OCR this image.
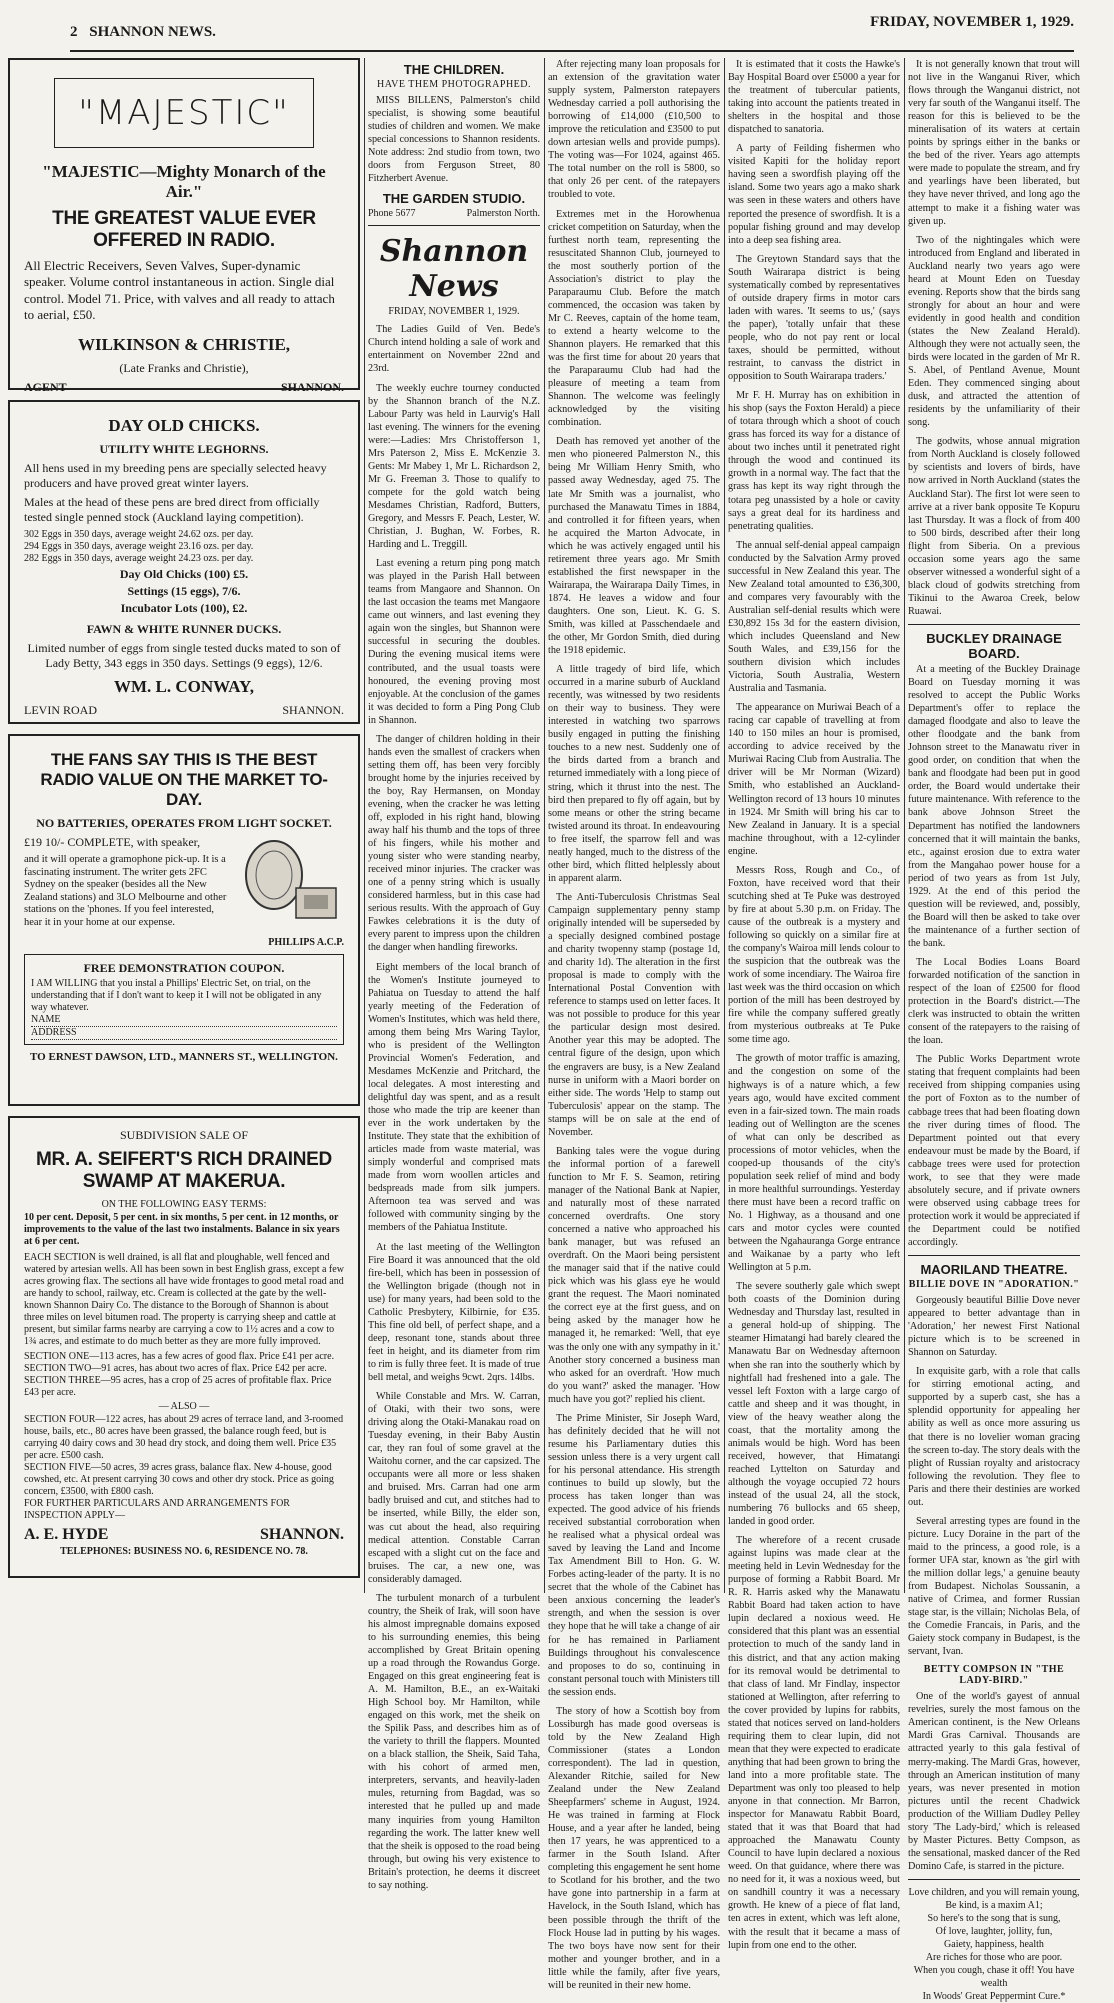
2 SHANNON NEWS.
FRIDAY, NOVEMBER 1, 1929.
"MAJESTIC"
"MAJESTIC—Mighty Monarch of the Air."
THE GREATEST VALUE EVER OFFERED IN RADIO.

All Electric Receivers, Seven Valves, Super-dynamic speaker. Volume control instantaneous in action. Single dial control. Model 71. Price, with valves and all ready to attach to aerial, £50.

WILKINSON & CHRISTIE,

(Late Franks and Christie),

AGENT	SHANNON.
DAY OLD CHICKS.
UTILITY WHITE LEGHORNS.

All hens used in my breeding pens are specially selected heavy producers and have proved great winter layers.

Males at the head of these pens are bred direct from officially tested single penned stock (Auckland laying competition).

302 Eggs in 350 days, average weight 24.62 ozs. per day.

294 Eggs in 350 days, average weight 23.16 ozs. per day.

282 Eggs in 350 days, average weight 24.23 ozs. per day.

Day Old Chicks (100) £5.
Settings (15 eggs), 7/6.
Incubator Lots (100), £2.
FAWN & WHITE RUNNER DUCKS.

Limited number of eggs from single tested ducks mated to son of Lady Betty, 343 eggs in 350 days. Settings (9 eggs), 12/6.

WM. L. CONWAY,
LEVIN ROAD	SHANNON.
THE FANS SAY THIS IS THE BEST RADIO VALUE ON THE MARKET TO-DAY.
NO BATTERIES, OPERATES FROM LIGHT SOCKET.

£19 10/- COMPLETE, with speaker,

and it will operate a gramophone pick-up. It is a fascinating instrument. The writer gets 2FC Sydney on the speaker (besides all the New Zealand stations) and 3LO Melbourne and other stations on the 'phones. If you feel interested, hear it in your home at our expense.

PHILLIPS A.C.P.
FREE DEMONSTRATION COUPON.

I AM WILLING that you instal a Phillips' Electric Set, on trial, on the understanding that if I don't want to keep it I will not be obligated in any way whatever.

NAME
ADDRESS
TO ERNEST DAWSON, LTD., MANNERS ST., WELLINGTON.
SUBDIVISION SALE OF
MR. A. SEIFERT'S RICH DRAINED SWAMP AT MAKERUA.
ON THE FOLLOWING EASY TERMS:

10 per cent. Deposit, 5 per cent. in six months, 5 per cent. in 12 months, or improvements to the value of the last two instalments. Balance in six years at 6 per cent.

EACH SECTION is well drained, is all flat and ploughable, well fenced and watered by artesian wells. All has been sown in best English grass, except a few acres growing flax. The sections all have wide frontages to good metal road and are handy to school, railway, etc. Cream is collected at the gate by the well-known Shannon Dairy Co. The distance to the Borough of Shannon is about three miles on level bitumen road. The property is carrying sheep and cattle at present, but similar farms nearby are carrying a cow to 1½ acres and a cow to 1¾ acres, and estimate to do much better as they are more fully improved.

SECTION ONE—113 acres, has a few acres of good flax. Price £41 per acre.

SECTION TWO—91 acres, has about two acres of flax. Price £42 per acre.

SECTION THREE—95 acres, has a crop of 25 acres of profitable flax. Price £43 per acre.

— ALSO —

SECTION FOUR—122 acres, has about 29 acres of terrace land, and 3-roomed house, bails, etc., 80 acres have been grassed, the balance rough feed, but is carrying 40 dairy cows and 30 head dry stock, and doing them well. Price £35 per acre. £500 cash.

SECTION FIVE—50 acres, 39 acres grass, balance flax. New 4-house, good cowshed, etc. At present carrying 30 cows and other dry stock. Price as going concern, £3500, with £800 cash.

FOR FURTHER PARTICULARS AND ARRANGEMENTS FOR INSPECTION APPLY—

A. E. HYDE	SHANNON.
TELEPHONES: BUSINESS NO. 6, RESIDENCE NO. 78.
THE CHILDREN.
HAVE THEM PHOTOGRAPHED.

MISS BILLENS, Palmerston's child specialist, is showing some beautiful studies of children and women. We make special concessions to Shannon residents. Note address: 2nd studio from town, two doors from Ferguson Street, 80 Fitzherbert Avenue.

THE GARDEN STUDIO.
Phone 5677	Palmerston North.
Shannon News
FRIDAY, NOVEMBER 1, 1929.

The Ladies Guild of Ven. Bede's Church intend holding a sale of work and entertainment on November 22nd and 23rd.

The weekly euchre tourney conducted by the Shannon branch of the N.Z. Labour Party was held in Laurvig's Hall last evening. The winners for the evening were:—Ladies: Mrs Christofferson 1, Mrs Paterson 2, Miss E. McKenzie 3. Gents: Mr Mabey 1, Mr L. Richardson 2, Mr G. Freeman 3. Those to qualify to compete for the gold watch being Mesdames Christian, Radford, Butters, Gregory, and Messrs F. Peach, Lester, W. Christian, J. Bughan, W. Forbes, R. Harding and L. Treggill.

Last evening a return ping pong match was played in the Parish Hall between teams from Mangaore and Shannon. On the last occasion the teams met Mangaore came out winners, and last evening they again won the singles, but Shannon were successful in securing the doubles. During the evening musical items were contributed, and the usual toasts were honoured, the evening proving most enjoyable. At the conclusion of the games it was decided to form a Ping Pong Club in Shannon.

The danger of children holding in their hands even the smallest of crackers when setting them off, has been very forcibly brought home by the injuries received by the boy, Ray Hermansen, on Monday evening, when the cracker he was letting off, exploded in his right hand, blowing away half his thumb and the tops of three of his fingers, while his mother and young sister who were standing nearby, received minor injuries. The cracker was one of a penny string which is usually considered harmless, but in this case had serious results. With the approach of Guy Fawkes celebrations it is the duty of every parent to impress upon the children the danger when handling fireworks.

Eight members of the local branch of the Women's Institute journeyed to Pahiatua on Tuesday to attend the half yearly meeting of the Federation of Women's Institutes, which was held there, among them being Mrs Waring Taylor, who is president of the Wellington Provincial Women's Federation, and Mesdames McKenzie and Pritchard, the local delegates. A most interesting and delightful day was spent, and as a result those who made the trip are keener than ever in the work undertaken by the Institute. They state that the exhibition of articles made from waste material, was simply wonderful and comprised mats made from worn woollen articles and bedspreads made from silk jumpers. Afternoon tea was served and was followed with community singing by the members of the Pahiatua Institute.

At the last meeting of the Wellington Fire Board it was announced that the old fire-bell, which has been in possession of the Wellington brigade (though not in use) for many years, had been sold to the Catholic Presbytery, Kilbirnie, for £35. This fine old bell, of perfect shape, and a deep, resonant tone, stands about three feet in height, and its diameter from rim to rim is fully three feet. It is made of true bell metal, and weighs 9cwt. 2qrs. 14lbs.

While Constable and Mrs. W. Carran, of Otaki, with their two sons, were driving along the Otaki-Manakau road on Tuesday evening, in their Baby Austin car, they ran foul of some gravel at the Waitohu corner, and the car capsized. The occupants were all more or less shaken and bruised. Mrs. Carran had one arm badly bruised and cut, and stitches had to be inserted, while Billy, the elder son, was cut about the head, also requiring medical attention. Constable Carran escaped with a slight cut on the face and bruises. The car, a new one, was considerably damaged.

The turbulent monarch of a turbulent country, the Sheik of Irak, will soon have his almost impregnable domains exposed to his surrounding enemies, this being accomplished by Great Britain opening up a road through the Rowandus Gorge. Engaged on this great engineering feat is A. M. Hamilton, B.E., an ex-Waitaki High School boy. Mr Hamilton, while engaged on this work, met the sheik on the Spilik Pass, and describes him as of the variety to thrill the flappers. Mounted on a black stallion, the Sheik, Said Taha, with his cohort of armed men, interpreters, servants, and heavily-laden mules, returning from Bagdad, was so interested that he pulled up and made many inquiries from young Hamilton regarding the work. The latter knew well that the sheik is opposed to the road being through, but owing his very existence to Britain's protection, he deems it discreet to say nothing.

After rejecting many loan proposals for an extension of the gravitation water supply system, Palmerston ratepayers Wednesday carried a poll authorising the borrowing of £14,000 (£10,500 to improve the reticulation and £3500 to put down artesian wells and provide pumps). The voting was—For 1024, against 465. The total number on the roll is 5800, so that only 26 per cent. of the ratepayers troubled to vote.

Extremes met in the Horowhenua cricket competition on Saturday, when the furthest north team, representing the resuscitated Shannon Club, journeyed to the most southerly portion of the Association's district to play the Paraparaumu Club. Before the match commenced, the occasion was taken by Mr C. Reeves, captain of the home team, to extend a hearty welcome to the Shannon players. He remarked that this was the first time for about 20 years that the Paraparaumu Club had had the pleasure of meeting a team from Shannon. The welcome was feelingly acknowledged by the visiting combination.

Death has removed yet another of the men who pioneered Palmerston N., this being Mr William Henry Smith, who passed away Wednesday, aged 75. The late Mr Smith was a journalist, who purchased the Manawatu Times in 1884, and controlled it for fifteen years, when he acquired the Marton Advocate, in which he was actively engaged until his retirement three years ago. Mr Smith established the first newspaper in the Wairarapa, the Wairarapa Daily Times, in 1874. He leaves a widow and four daughters. One son, Lieut. K. G. S. Smith, was killed at Passchendaele and the other, Mr Gordon Smith, died during the 1918 epidemic.

A little tragedy of bird life, which occurred in a marine suburb of Auckland recently, was witnessed by two residents on their way to business. They were interested in watching two sparrows busily engaged in putting the finishing touches to a new nest. Suddenly one of the birds darted from a branch and returned immediately with a long piece of string, which it thrust into the nest. The bird then prepared to fly off again, but by some means or other the string became twisted around its throat. In endeavouring to free itself, the sparrow fell and was neatly hanged, much to the distress of the other bird, which flitted helplessly about in apparent alarm.

The Anti-Tuberculosis Christmas Seal Campaign supplementary penny stamp originally intended will be superseded by a specially designed combined postage and charity twopenny stamp (postage 1d, and charity 1d). The alteration in the first proposal is made to comply with the International Postal Convention with reference to stamps used on letter faces. It was not possible to produce for this year the particular design most desired. Another year this may be adopted. The central figure of the design, upon which the engravers are busy, is a New Zealand nurse in uniform with a Maori border on either side. The words 'Help to stamp out Tuberculosis' appear on the stamp. The stamps will be on sale at the end of November.

Banking tales were the vogue during the informal portion of a farewell function to Mr F. S. Seamon, retiring manager of the National Bank at Napier, and naturally most of these narrated concerned overdrafts. One story concerned a native who approached his bank manager, but was refused an overdraft. On the Maori being persistent the manager said that if the native could pick which was his glass eye he would grant the request. The Maori nominated the correct eye at the first guess, and on being asked by the manager how he managed it, he remarked: 'Well, that eye was the only one with any sympathy in it.' Another story concerned a business man who asked for an overdraft. 'How much do you want?' asked the manager. 'How much have you got?' replied his client.

The Prime Minister, Sir Joseph Ward, has definitely decided that he will not resume his Parliamentary duties this session unless there is a very urgent call for his personal attendance. His strength continues to build up slowly, but the process has taken longer than was expected. The good advice of his friends received substantial corroboration when he realised what a physical ordeal was saved by leaving the Land and Income Tax Amendment Bill to Hon. G. W. Forbes acting-leader of the party. It is no secret that the whole of the Cabinet has been anxious concerning the leader's strength, and when the session is over they hope that he will take a change of air for he has remained in Parliament Buildings throughout his convalescence and proposes to do so, continuing in constant personal touch with Ministers till the session ends.

The story of how a Scottish boy from Lossiburgh has made good overseas is told by the New Zealand High Commissioner (states a London correspondent). The lad in question, Alexander Ritchie, sailed for New Zealand under the New Zealand Sheepfarmers' scheme in August, 1924. He was trained in farming at Flock House, and a year after he landed, being then 17 years, he was apprenticed to a farmer in the South Island. After completing this engagement he sent home to Scotland for his brother, and the two have gone into partnership in a farm at Havelock, in the South Island, which has been possible through the thrift of the Flock House lad in putting by his wages. The two boys have now sent for their mother and younger brother, and in a little while the family, after five years, will be reunited in their new home.

It is estimated that it costs the Hawke's Bay Hospital Board over £5000 a year for the treatment of tubercular patients, taking into account the patients treated in shelters in the hospital and those dispatched to sanatoria.

A party of Feilding fishermen who visited Kapiti for the holiday report having seen a swordfish playing off the island. Some two years ago a mako shark was seen in these waters and others have reported the presence of swordfish. It is a popular fishing ground and may develop into a deep sea fishing area.

The Greytown Standard says that the South Wairarapa district is being systematically combed by representatives of outside drapery firms in motor cars laden with wares. 'It seems to us,' (says the paper), 'totally unfair that these people, who do not pay rent or local taxes, should be permitted, without restraint, to canvass the district in opposition to South Wairarapa traders.'

Mr F. H. Murray has on exhibition in his shop (says the Foxton Herald) a piece of totara through which a shoot of couch grass has forced its way for a distance of about two inches until it penetrated right through the wood and continued its growth in a normal way. The fact that the grass has kept its way right through the totara peg unassisted by a hole or cavity says a great deal for its hardiness and penetrating qualities.

The annual self-denial appeal campaign conducted by the Salvation Army proved successful in New Zealand this year. The New Zealand total amounted to £36,300, and compares very favourably with the Australian self-denial results which were £30,892 15s 3d for the eastern division, which includes Queensland and New South Wales, and £39,156 for the southern division which includes Victoria, South Australia, Western Australia and Tasmania.

The appearance on Muriwai Beach of a racing car capable of travelling at from 140 to 150 miles an hour is promised, according to advice received by the Muriwai Racing Club from Australia. The driver will be Mr Norman (Wizard) Smith, who established an Auckland-Wellington record of 13 hours 10 minutes in 1924. Mr Smith will bring his car to New Zealand in January. It is a special machine throughout, with a 12-cylinder engine.

Messrs Ross, Rough and Co., of Foxton, have received word that their scutching shed at Te Puke was destroyed by fire at about 5.30 p.m. on Friday. The cause of the outbreak is a mystery and following so quickly on a similar fire at the company's Wairoa mill lends colour to the suspicion that the outbreak was the work of some incendiary. The Wairoa fire last week was the third occasion on which portion of the mill has been destroyed by fire while the company suffered greatly from mysterious outbreaks at Te Puke some time ago.

The growth of motor traffic is amazing, and the congestion on some of the highways is of a nature which, a few years ago, would have excited comment even in a fair-sized town. The main roads leading out of Wellington are the scenes of what can only be described as processions of motor vehicles, when the cooped-up thousands of the city's population seek relief of mind and body in more healthful surroundings. Yesterday there must have been a record traffic on No. 1 Highway, as a thousand and one cars and motor cycles were counted between the Ngahauranga Gorge entrance and Waikanae by a party who left Wellington at 5 p.m.

The severe southerly gale which swept both coasts of the Dominion during Wednesday and Thursday last, resulted in a general hold-up of shipping. The steamer Himatangi had barely cleared the Manawatu Bar on Wednesday afternoon when she ran into the southerly which by nightfall had freshened into a gale. The vessel left Foxton with a large cargo of cattle and sheep and it was thought, in view of the heavy weather along the coast, that the mortality among the animals would be high. Word has been received, however, that Himatangi reached Lyttelton on Saturday and although the voyage occupied 72 hours instead of the usual 24, all the stock, numbering 76 bullocks and 65 sheep, landed in good order.

The wherefore of a recent crusade against lupins was made clear at the meeting held in Levin Wednesday for the purpose of forming a Rabbit Board. Mr R. R. Harris asked why the Manawatu Rabbit Board had taken action to have lupin declared a noxious weed. He considered that this plant was an essential protection to much of the sandy land in this district, and that any action making for its removal would be detrimental to that class of land. Mr Findlay, inspector stationed at Wellington, after referring to the cover provided by lupins for rabbits, stated that notices served on land-holders requiring them to clear lupin, did not mean that they were expected to eradicate anything that had been grown to bring the land into a more profitable state. The Department was only too pleased to help anyone in that connection. Mr Barron, inspector for Manawatu Rabbit Board, stated that it was that Board that had approached the Manawatu County Council to have lupin declared a noxious weed. On that guidance, where there was no need for it, it was a noxious weed, but on sandhill country it was a necessary growth. He knew of a piece of flat land, ten acres in extent, which was left alone, with the result that it became a mass of lupin from one end to the other.

It is not generally known that trout will not live in the Wanganui River, which flows through the Wanganui district, not very far south of the Wanganui itself. The reason for this is believed to be the mineralisation of its waters at certain points by springs either in the banks or the bed of the river. Years ago attempts were made to populate the stream, and fry and yearlings have been liberated, but they have never thrived, and long ago the attempt to make it a fishing water was given up.

Two of the nightingales which were introduced from England and liberated in Auckland nearly two years ago were heard at Mount Eden on Tuesday evening. Reports show that the birds sang strongly for about an hour and were evidently in good health and condition (states the New Zealand Herald). Although they were not actually seen, the birds were located in the garden of Mr R. S. Abel, of Pentland Avenue, Mount Eden. They commenced singing about dusk, and attracted the attention of residents by the unfamiliarity of their song.

The godwits, whose annual migration from North Auckland is closely followed by scientists and lovers of birds, have now arrived in North Auckland (states the Auckland Star). The first lot were seen to arrive at a river bank opposite Te Kopuru last Thursday. It was a flock of from 400 to 500 birds, described after their long flight from Siberia. On a previous occasion some years ago the same observer witnessed a wonderful sight of a black cloud of godwits stretching from Tikinui to the Awaroa Creek, below Ruawai.

BUCKLEY DRAINAGE BOARD.

At a meeting of the Buckley Drainage Board on Tuesday morning it was resolved to accept the Public Works Department's offer to replace the damaged floodgate and also to leave the other floodgate and the bank from Johnson street to the Manawatu river in good order, on condition that when the bank and floodgate had been put in good order, the Board would undertake their future maintenance. With reference to the bank above Johnson Street the Department has notified the landowners concerned that it will maintain the banks, etc., against erosion due to extra water from the Mangahao power house for a period of two years as from 1st July, 1929. At the end of this period the question will be reviewed, and, possibly, the Board will then be asked to take over the maintenance of a further section of the bank.

The Local Bodies Loans Board forwarded notification of the sanction in respect of the loan of £2500 for flood protection in the Board's district.—The clerk was instructed to obtain the written consent of the ratepayers to the raising of the loan.

The Public Works Department wrote stating that frequent complaints had been received from shipping companies using the port of Foxton as to the number of cabbage trees that had been floating down the river during times of flood. The Department pointed out that every endeavour must be made by the Board, if cabbage trees were used for protection work, to see that they were made absolutely secure, and if private owners were observed using cabbage trees for protection work it would be appreciated if the Department could be notified accordingly.

MAORILAND THEATRE.
BILLIE DOVE IN "ADORATION."

Gorgeously beautiful Billie Dove never appeared to better advantage than in 'Adoration,' her newest First National picture which is to be screened in Shannon on Saturday.

In exquisite garb, with a role that calls for stirring emotional acting, and supported by a superb cast, she has a splendid opportunity for appealing her ability as well as once more assuring us that there is no lovelier woman gracing the screen to-day. The story deals with the plight of Russian royalty and aristocracy following the revolution. They flee to Paris and there their destinies are worked out.

Several arresting types are found in the picture. Lucy Doraine in the part of the maid to the princess, a good role, is a former UFA star, known as 'the girl with the million dollar legs,' a genuine beauty from Budapest. Nicholas Soussanin, a native of Crimea, and former Russian stage star, is the villain; Nicholas Bela, of the Comedie Francais, in Paris, and the Gaiety stock company in Budapest, is the servant, Ivan.

BETTY COMPSON IN "THE LADY-BIRD."

One of the world's gayest of annual revelries, surely the most famous on the American continent, is the New Orleans Mardi Gras Carnival. Thousands are attracted yearly to this gala festival of merry-making. The Mardi Gras, however, through an American institution of many years, was never presented in motion pictures until the recent Chadwick production of the William Dudley Pelley story 'The Lady-bird,' which is released by Master Pictures. Betty Compson, as the sensational, masked dancer of the Red Domino Cafe, is starred in the picture.

Love children, and you will remain young,
Be kind, is a maxim A1;
So here's to the song that is sung,
Of love, laughter, jollity, fun,
Gaiety, happiness, health
Are riches for those who are poor.
When you cough, chase it off! You have wealth
In Woods' Great Peppermint Cure.*
